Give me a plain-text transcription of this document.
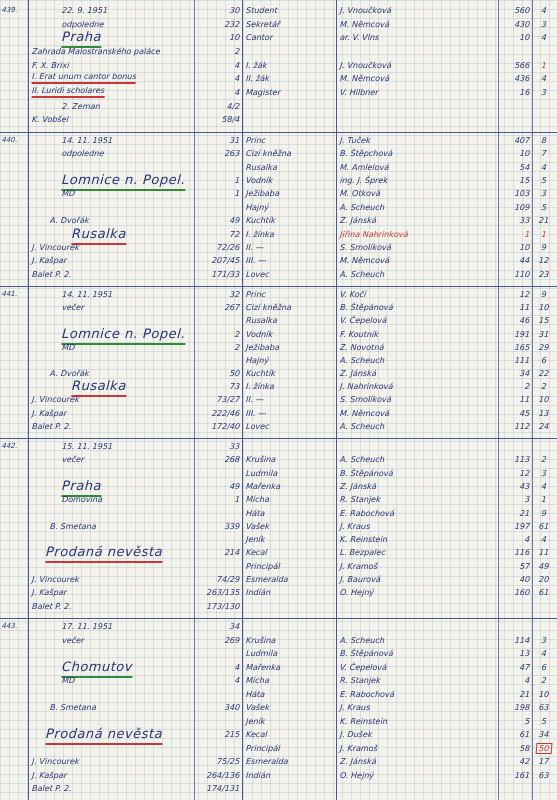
439.	22. 9. 1951	30 Student	J. Vnoučková	560	4
odpoledne	232 Sekretář	M. Němcová	430	3
Praha	10 Cantor	ar. V. Vlns	10	4
Zahrada Malostranského paláce	2
F. X. Brixi	4 I. žák	J. Vnoučková	566	1
I. Erat unum cantor bonus	4 II. žák	M. Němcová	436	4
II. Luridi scholares	4 Magister	V. Hilbner	16	3
2. Zeman	4/2
K. Vobšel	58/4
440.	14. 11. 1951	31 Princ	J. Tuček	407	8
odpoledne	263 Cizí kněžna	B. Štěpchová	10	7
Rusalka	M. Amlelová	54	4
Lomnice n. Popel.	1 Vodník	ing. J. Šprek	15	5
MD	1 Ježibaba	M. Otková	103	3
Hajný	A. Scheuch	109	5
A. Dvořák	49 Kuchtík	Z. Jánská	33	21
Rusalka	72 I. žínka	Jiřina Nahrinková	1	1
J. Vincourek	72/26 II. —	S. Smolíková	10	9
J. Kašpar	207/45 III. —	M. Němcová	44	12
Balet P. 2.	171/33 Lovec	A. Scheuch	110	23
441.	14. 11. 1951	32 Princ	V. Kočí	12	9
večer	267 Cizí kněžna	B. Štěpánová	11	10
Rusalka	V. Čepelová	46	15
Lomnice n. Popel.	2 Vodník	F. Koutník	191	31
MD	2 Ježibaba	Z. Novotná	165	29
Hajný	A. Scheuch	111	6
A. Dvořák	50 Kuchtík	Z. Jánská	34	22
Rusalka	73 I. žínka	J. Nahrinková	2	2
J. Vincourek	73/27 II. —	S. Smolíková	11	10
J. Kašpar	222/46 III. —	M. Němcová	45	13
Balet P. 2.	172/40 Lovec	A. Scheuch	112	24
442.	15. 11. 1951	33
večer	268 Krušina	A. Scheuch	113	2
Ludmila	B. Štěpánová	12	3
Praha	49 Mařenka	Z. Jánská	43	4
Domovina	1 Mícha	R. Stanjek	3	1
Háta	E. Rabochová	21	9
B. Smetana	339 Vašek	J. Kraus	197	61
Jeník	K. Reinstein	4	4
Prodaná nevěsta	214 Kecal	L. Bezpalec	116	11
Principál	J. Kramoš	57	49
J. Vincourek	74/29 Esmeralda	J. Baurová	40	20
J. Kašpar	263/135 Indián	O. Hejný	160	61
Balet P. 2.	173/130
443.	17. 11. 1951	34
večer	269 Krušina	A. Scheuch	114	3
Ludmila	B. Štěpánová	13	4
Chomutov	4 Mařenka	V. Čepelová	47	6
MD	4 Mícha	R. Stanjek	4	2
Háta	E. Rabochová	21	10
B. Smetana	340 Vašek	J. Kraus	198	63
Jeník	K. Reinstein	5	5
Prodaná nevěsta	215 Kecal	J. Dušek	61	34
Principál	J. Kramoš	58	50
J. Vincourek	75/25 Esmeralda	Z. Jánská	42	17
J. Kašpar	264/136 Indián	O. Hejný	161	63
Balet P. 2.	174/131
